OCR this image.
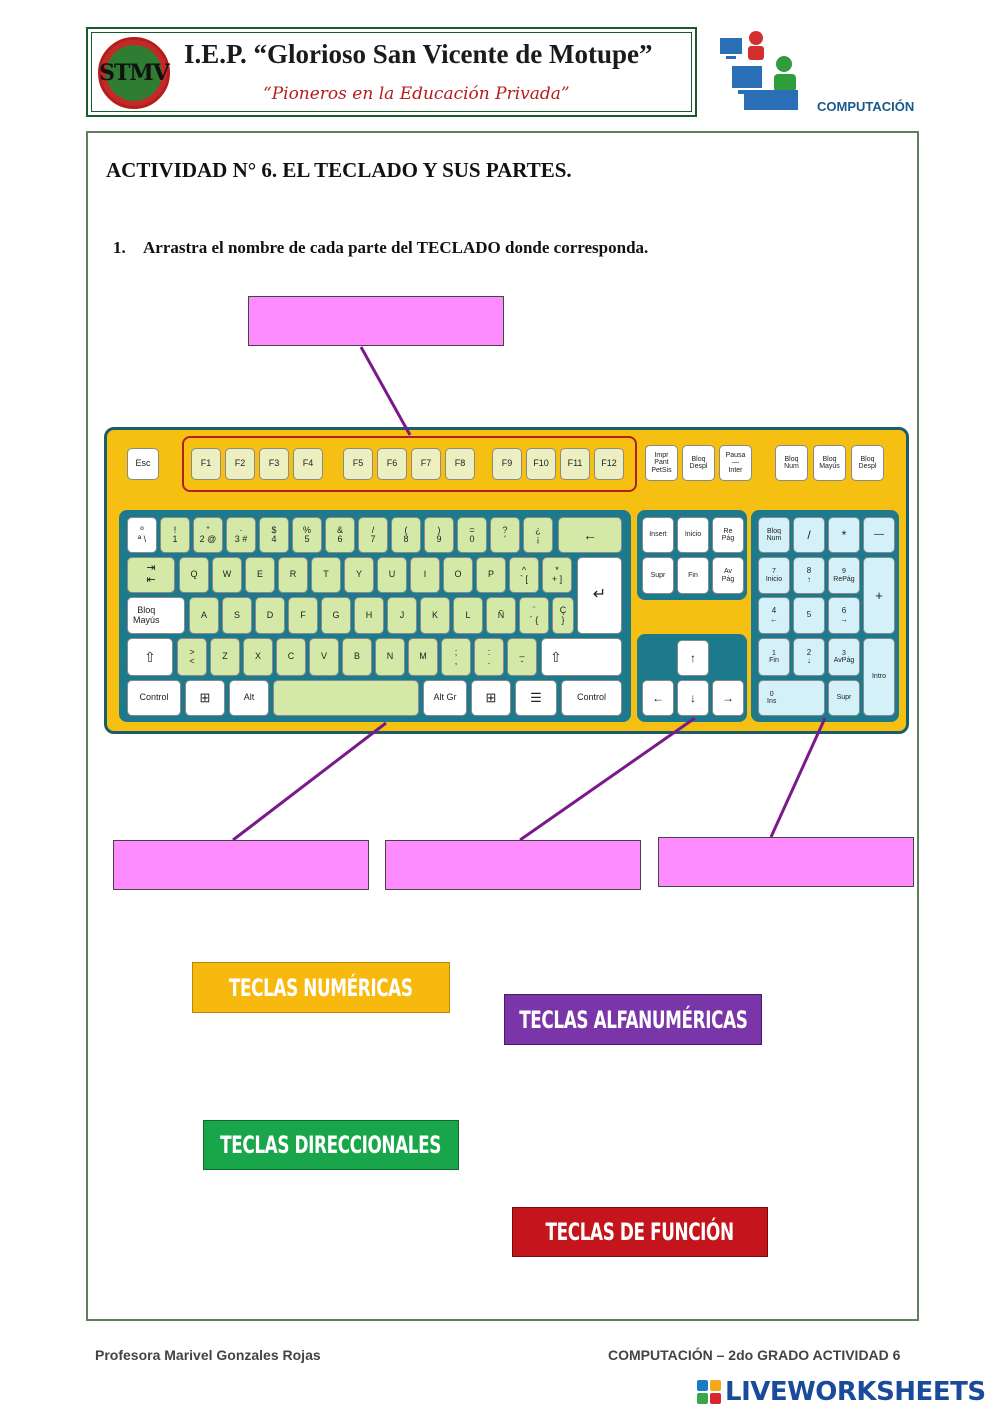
STMV
I.E.P. “Glorioso San Vicente de Motupe”
“Pioneros en la Educación Privada”
COMPUTACIÓN
ACTIVIDAD N° 6. EL TECLADO Y SUS PARTES.
1. Arrastra el nombre de cada parte del TECLADO donde corresponda.
Esc	F1	F2	F3	F4	F5	F6	F7	F8	F9	F10	F11	F12
Impr
Pant
PetSis
Bloq
Despl
Pausa
—
Inter
Bloq
Num
Bloq
Mayús
Bloq
Despl
º
ª \
!
1
"
2 @
·
3 #
$
4
%
5
&
6
/
7
(
8
)
9
=
0
?
'
¿
¡	←
⇥
⇤	Q	W	E	R	T	Y	U	I	O	P	^
` [
*
+ ]
↵
Bloq
Mayús	A	S	D	F	G	H	J	K	L	Ñ	¨
´ {
Ç
}
⇧	>
<	Z	X	C	V	B	N	M	;
,
:
.
_
-	⇧
Control	⊞	Alt	Alt Gr	⊞	☰	Control
Insert	Inicio
Re
Pág
Supr	Fin
Av
Pág
↑
←	↓	→
Bloq
Num	/	*	—
7
Inicio
8
↑
9
RePág
+
4
←	5	6
→
1
Fin
2
↓
3
AvPág
Intro
0
Ins
Supr
TECLAS NUMÉRICAS
TECLAS ALFANUMÉRICAS
TECLAS DIRECCIONALES
TECLAS DE FUNCIÓN
Profesora Marivel Gonzales Rojas	COMPUTACIÓN – 2do GRADO ACTIVIDAD 6
LIVEWORKSHEETS
